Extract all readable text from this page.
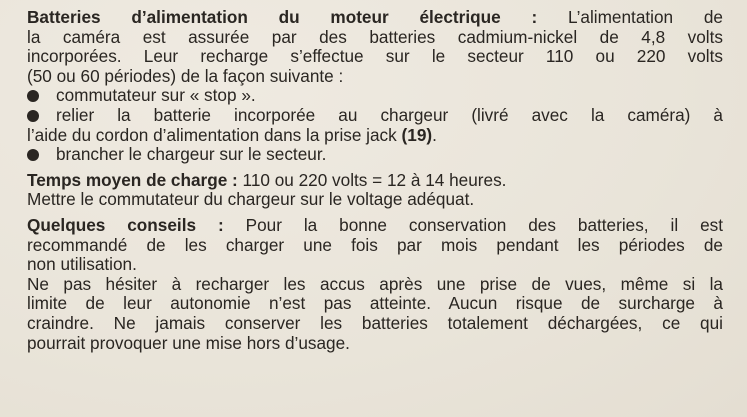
Batteries d’alimentation du moteur électrique : L’alimentation de
la caméra est assurée par des batteries cadmium-nickel de 4,8 volts
incorporées. Leur recharge s’effectue sur le secteur 110 ou 220 volts
(50 ou 60 périodes) de la façon suivante :
commutateur sur « stop ».
relier la batterie incorporée au chargeur (livré avec la caméra) à
l’aide du cordon d’alimentation dans la prise jack (19).
brancher le chargeur sur le secteur.

Temps moyen de charge : 110 ou 220 volts = 12 à 14 heures.
Mettre le commutateur du chargeur sur le voltage adéquat.

Quelques conseils : Pour la bonne conservation des batteries, il est
recommandé de les charger une fois par mois pendant les périodes de
non utilisation.
Ne pas hésiter à recharger les accus après une prise de vues, même si la
limite de leur autonomie n’est pas atteinte. Aucun risque de surcharge à
craindre. Ne jamais conserver les batteries totalement déchargées, ce qui
pourrait provoquer une mise hors d’usage.
